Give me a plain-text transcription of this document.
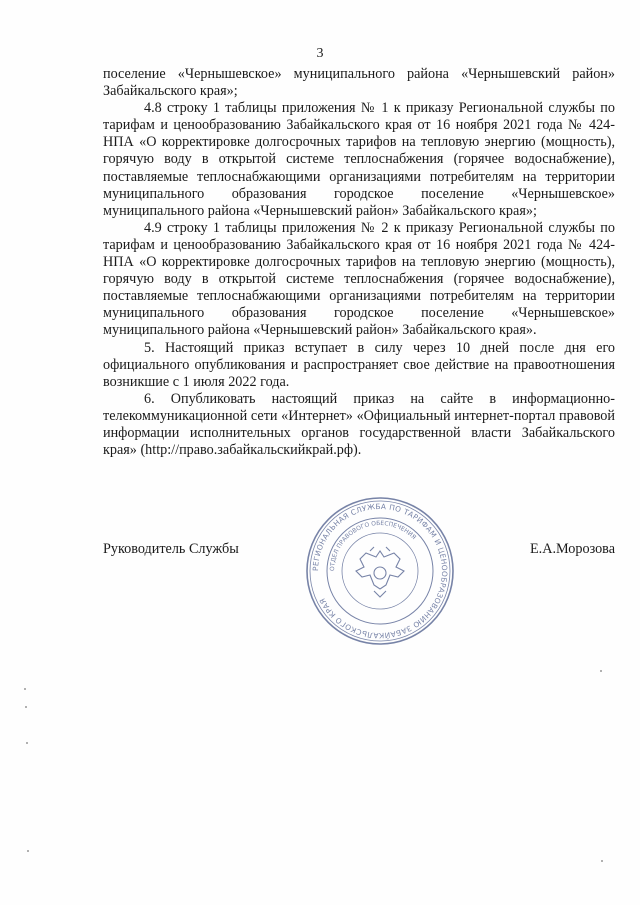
3

поселение «Чернышевское» муниципального района «Чернышевский район» Забайкальского края»;

4.8 строку 1 таблицы приложения № 1 к приказу Региональной службы по тарифам и ценообразованию Забайкальского края от 16 ноября 2021 года № 424-НПА «О корректировке долгосрочных тарифов на тепловую энергию (мощность), горячую воду в открытой системе теплоснабжения (горячее водоснабжение), поставляемые теплоснабжающими организациями потребителям на территории муниципального образования городское поселение «Чернышевское» муниципального района «Чернышевский район» Забайкальского края»;

4.9 строку 1 таблицы приложения № 2 к приказу Региональной службы по тарифам и ценообразованию Забайкальского края от 16 ноября 2021 года № 424-НПА «О корректировке долгосрочных тарифов на тепловую энергию (мощность), горячую воду в открытой системе теплоснабжения (горячее водоснабжение), поставляемые теплоснабжающими организациями потребителям на территории муниципального образования городское поселение «Чернышевское» муниципального района «Чернышевский район» Забайкальского края».

5. Настоящий приказ вступает в силу через 10 дней после дня его официального опубликования и распространяет свое действие на правоотношения возникшие с 1 июля 2022 года.

6. Опубликовать настоящий приказ на сайте в информационно-телекоммуникационной сети «Интернет» «Официальный интернет-портал правовой информации исполнительных органов государственной власти Забайкальского края» (http://право.забайкальскийкрай.рф).

РЕГИОНАЛЬНАЯ СЛУЖБА ПО ТАРИФАМ И ЦЕНООБРАЗОВАНИЮ ЗАБАЙКАЛЬСКОГО КРАЯ
ОТДЕЛ ПРАВОВОГО ОБЕСПЕЧЕНИЯ
Руководитель Службы	Е.А.Морозова
